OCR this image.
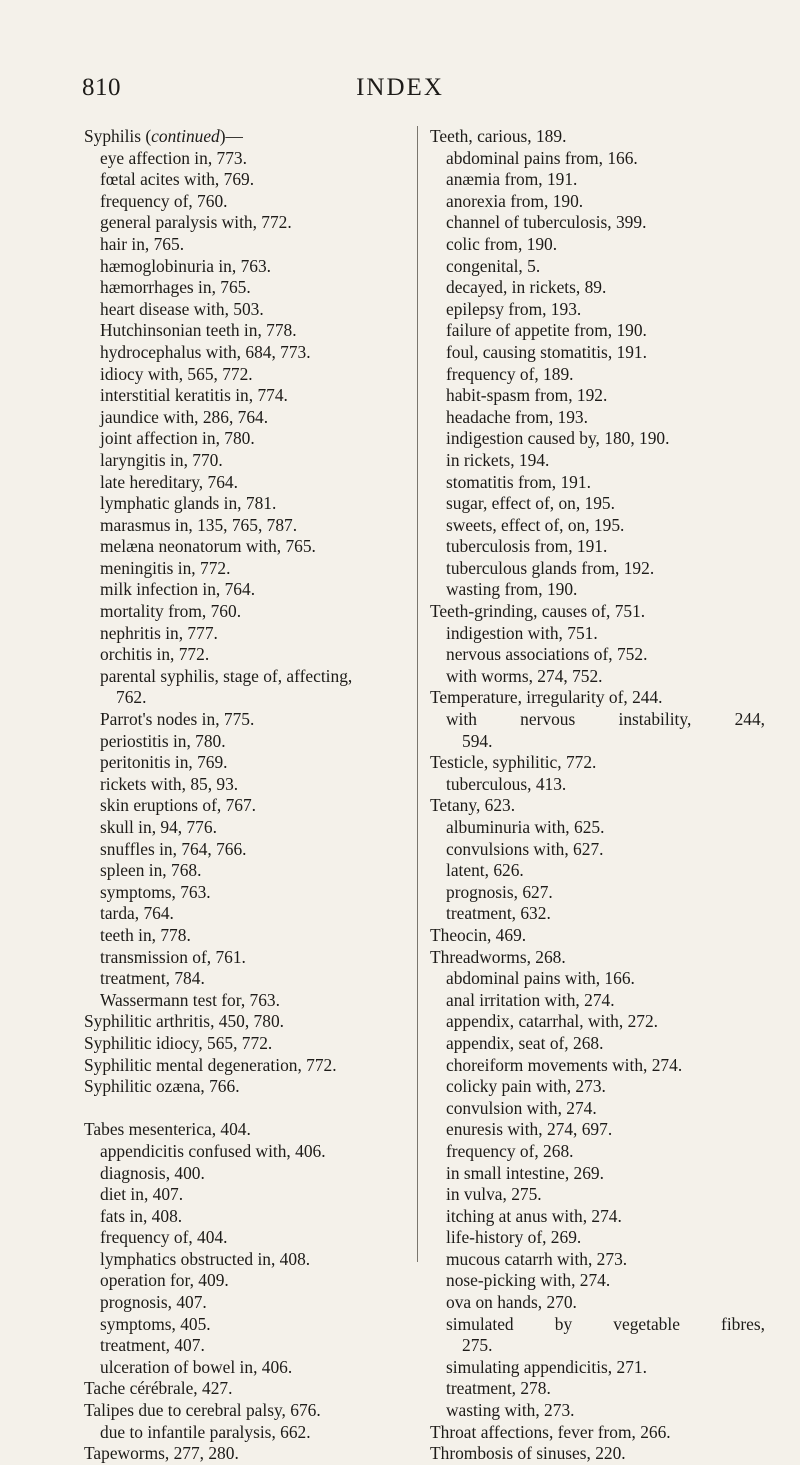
810	INDEX
Syphilis (continued)—
eye affection in, 773.
fœtal acites with, 769.
frequency of, 760.
general paralysis with, 772.
hair in, 765.
hæmoglobinuria in, 763.
hæmorrhages in, 765.
heart disease with, 503.
Hutchinsonian teeth in, 778.
hydrocephalus with, 684, 773.
idiocy with, 565, 772.
interstitial keratitis in, 774.
jaundice with, 286, 764.
joint affection in, 780.
laryngitis in, 770.
late hereditary, 764.
lymphatic glands in, 781.
marasmus in, 135, 765, 787.
melæna neonatorum with, 765.
meningitis in, 772.
milk infection in, 764.
mortality from, 760.
nephritis in, 777.
orchitis in, 772.
parental syphilis, stage of, affecting,
762.
Parrot's nodes in, 775.
periostitis in, 780.
peritonitis in, 769.
rickets with, 85, 93.
skin eruptions of, 767.
skull in, 94, 776.
snuffles in, 764, 766.
spleen in, 768.
symptoms, 763.
tarda, 764.
teeth in, 778.
transmission of, 761.
treatment, 784.
Wassermann test for, 763.
Syphilitic arthritis, 450, 780.
Syphilitic idiocy, 565, 772.
Syphilitic mental degeneration, 772.
Syphilitic ozæna, 766.
Tabes mesenterica, 404.
appendicitis confused with, 406.
diagnosis, 400.
diet in, 407.
fats in, 408.
frequency of, 404.
lymphatics obstructed in, 408.
operation for, 409.
prognosis, 407.
symptoms, 405.
treatment, 407.
ulceration of bowel in, 406.
Tache cérébrale, 427.
Talipes due to cerebral palsy, 676.
due to infantile paralysis, 662.
Tapeworms, 277, 280.
Teeth, carious, 189.
abdominal pains from, 166.
anæmia from, 191.
anorexia from, 190.
channel of tuberculosis, 399.
colic from, 190.
congenital, 5.
decayed, in rickets, 89.
epilepsy from, 193.
failure of appetite from, 190.
foul, causing stomatitis, 191.
frequency of, 189.
habit-spasm from, 192.
headache from, 193.
indigestion caused by, 180, 190.
in rickets, 194.
stomatitis from, 191.
sugar, effect of, on, 195.
sweets, effect of, on, 195.
tuberculosis from, 191.
tuberculous glands from, 192.
wasting from, 190.
Teeth-grinding, causes of, 751.
indigestion with, 751.
nervous associations of, 752.
with worms, 274, 752.
Temperature, irregularity of, 244.
with nervous instability, 244,
594.
Testicle, syphilitic, 772.
tuberculous, 413.
Tetany, 623.
albuminuria with, 625.
convulsions with, 627.
latent, 626.
prognosis, 627.
treatment, 632.
Theocin, 469.
Threadworms, 268.
abdominal pains with, 166.
anal irritation with, 274.
appendix, catarrhal, with, 272.
appendix, seat of, 268.
choreiform movements with, 274.
colicky pain with, 273.
convulsion with, 274.
enuresis with, 274, 697.
frequency of, 268.
in small intestine, 269.
in vulva, 275.
itching at anus with, 274.
life-history of, 269.
mucous catarrh with, 273.
nose-picking with, 274.
ova on hands, 270.
simulated by vegetable fibres,
275.
simulating appendicitis, 271.
treatment, 278.
wasting with, 273.
Throat affections, fever from, 266.
Thrombosis of sinuses, 220.
